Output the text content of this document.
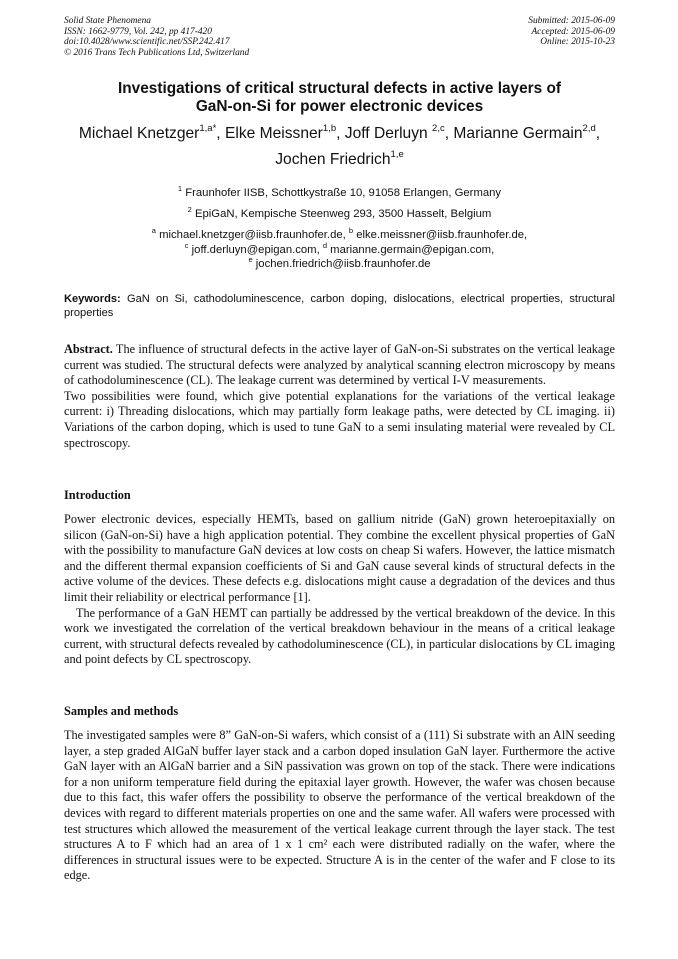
Solid State Phenomena
ISSN: 1662-9779, Vol. 242, pp 417-420
doi:10.4028/www.scientific.net/SSP.242.417
© 2016 Trans Tech Publications Ltd, Switzerland
Submitted: 2015-06-09
Accepted: 2015-06-09
Online: 2015-10-23
Investigations of critical structural defects in active layers of
GaN-on-Si for power electronic devices
Michael Knetzger$^{1,a*}$, Elke Meissner$^{1,b}$, Joff Derluyn $^{2,c}$, Marianne Germain$^{2,d}$,
Jochen Friedrich$^{1,e}$
$^1$ Fraunhofer IISB, Schottkystraße 10, 91058 Erlangen, Germany
$^2$ EpiGaN, Kempische Steenweg 293, 3500 Hasselt, Belgium
$^a$ michael.knetzger@iisb.fraunhofer.de, $^b$ elke.meissner@iisb.fraunhofer.de,
$^c$ joff.derluyn@epigan.com, $^d$ marianne.germain@epigan.com,
$^e$ jochen.friedrich@iisb.fraunhofer.de
Keywords: GaN on Si, cathodoluminescence, carbon doping, dislocations, electrical properties, structural properties

Abstract. The influence of structural defects in the active layer of GaN-on-Si substrates on the vertical leakage current was studied. The structural defects were analyzed by analytical scanning electron microscopy by means of cathodoluminescence (CL). The leakage current was determined by vertical I-V measurements.

Two possibilities were found, which give potential explanations for the variations of the vertical leakage current: i) Threading dislocations, which may partially form leakage paths, were detected by CL imaging. ii) Variations of the carbon doping, which is used to tune GaN to a semi insulating material were revealed by CL spectroscopy.

Introduction

Power electronic devices, especially HEMTs, based on gallium nitride (GaN) grown heteroepitaxially on silicon (GaN-on-Si) have a high application potential. They combine the excellent physical properties of GaN with the possibility to manufacture GaN devices at low costs on cheap Si wafers. However, the lattice mismatch and the different thermal expansion coefficients of Si and GaN cause several kinds of structural defects in the active volume of the devices. These defects e.g. dislocations might cause a degradation of the devices and thus limit their reliability or electrical performance [1].

The performance of a GaN HEMT can partially be addressed by the vertical breakdown of the device. In this work we investigated the correlation of the vertical breakdown behaviour in the means of a critical leakage current, with structural defects revealed by cathodoluminescence (CL), in particular dislocations by CL imaging and point defects by CL spectroscopy.

Samples and methods

The investigated samples were 8” GaN-on-Si wafers, which consist of a (111) Si substrate with an AlN seeding layer, a step graded AlGaN buffer layer stack and a carbon doped insulation GaN layer. Furthermore the active GaN layer with an AlGaN barrier and a SiN passivation was grown on top of the stack. There were indications for a non uniform temperature field during the epitaxial layer growth. However, the wafer was chosen because due to this fact, this wafer offers the possibility to observe the performance of the vertical breakdown of the devices with regard to different materials properties on one and the same wafer. All wafers were processed with test structures which allowed the measurement of the vertical leakage current through the layer stack. The test structures A to F which had an area of 1 x 1 cm² each were distributed radially on the wafer, where the differences in structural issues were to be expected. Structure A is in the center of the wafer and F close to its edge.
